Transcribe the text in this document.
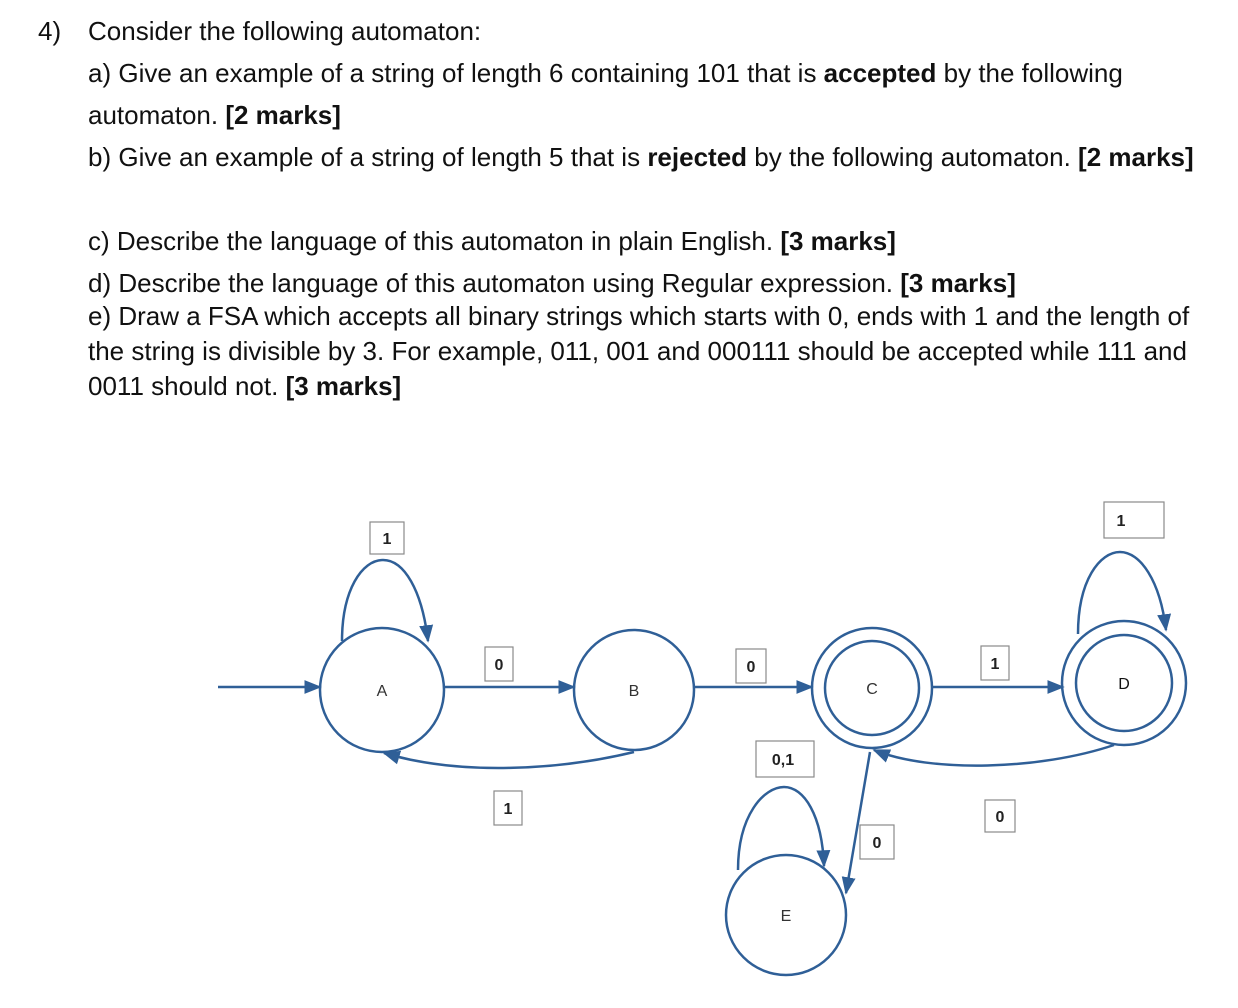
4) Consider the following automaton:
a) Give an example of a string of length 6 containing 101 that is accepted by the following automaton. [2 marks]
b) Give an example of a string of length 5 that is rejected by the following automaton. [2 marks]
c) Describe the language of this automaton in plain English. [3 marks]
d) Describe the language of this automaton using Regular expression. [3 marks]
e) Draw a FSA which accepts all binary strings which starts with 0, ends with 1 and the length of the string is divisible by 3. For example, 011, 001 and 000111 should be accepted while 111 and 0011 should not. [3 marks]
A	B	C	D
E
1
0
1
0
0,1
1
0
0
1
